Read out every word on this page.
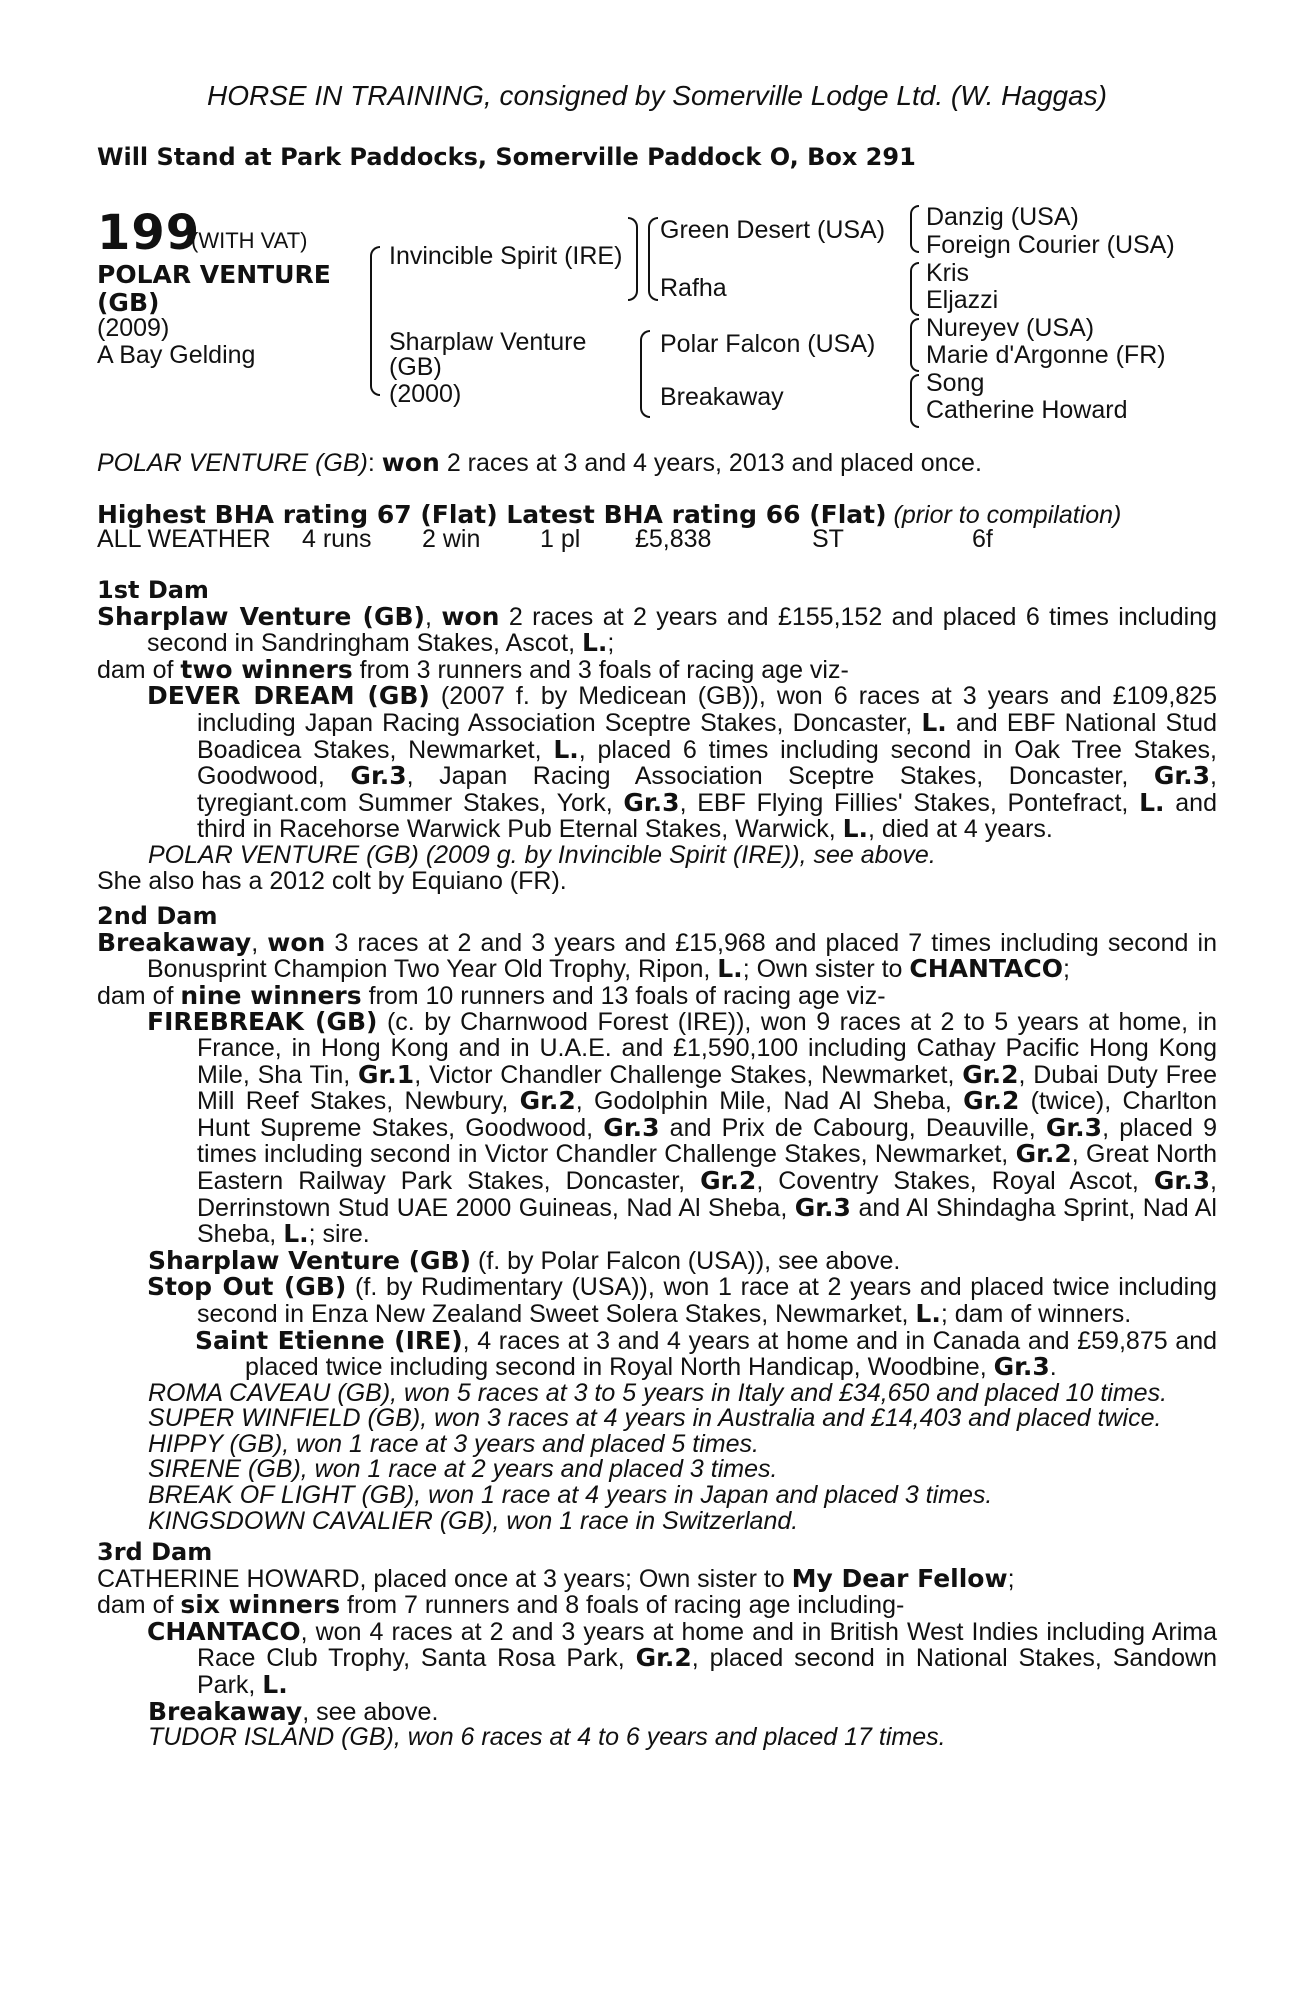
HORSE IN TRAINING, consigned by Somerville Lodge Ltd. (W. Haggas)
Will Stand at Park Paddocks, Somerville Paddock O, Box 291
199
(WITH VAT)
POLAR VENTURE
(GB)
(2009)
A Bay Gelding
Invincible Spirit (IRE)
Sharplaw Venture
(GB)
(2000)
Green Desert (USA)
Rafha
Polar Falcon (USA)
Breakaway
Danzig (USA)
Foreign Courier (USA)
Kris
Eljazzi
Nureyev (USA)
Marie d'Argonne (FR)
Song
Catherine Howard
POLAR VENTURE (GB): won 2 races at 3 and 4 years, 2013 and placed once.
Highest BHA rating 67 (Flat) Latest BHA rating 66 (Flat) (prior to compilation)
ALL WEATHER 4 runs 2 win 1 pl £5,838	ST	6f

1st Dam

Sharplaw Venture (GB), won 2 races at 2 years and £155,152 and placed 6 times including second in Sandringham Stakes, Ascot, L.;

dam of two winners from 3 runners and 3 foals of racing age viz-

DEVER DREAM (GB) (2007 f. by Medicean (GB)), won 6 races at 3 years and £109,825 including Japan Racing Association Sceptre Stakes, Doncaster, L. and EBF National Stud Boadicea Stakes, Newmarket, L., placed 6 times including second in Oak Tree Stakes, Goodwood, Gr.3, Japan Racing Association Sceptre Stakes, Doncaster, Gr.3, tyregiant.com Summer Stakes, York, Gr.3, EBF Flying Fillies' Stakes, Pontefract, L. and third in Racehorse Warwick Pub Eternal Stakes, Warwick, L., died at 4 years.

POLAR VENTURE (GB) (2009 g. by Invincible Spirit (IRE)), see above.

She also has a 2012 colt by Equiano (FR).

2nd Dam

Breakaway, won 3 races at 2 and 3 years and £15,968 and placed 7 times including second in Bonusprint Champion Two Year Old Trophy, Ripon, L.; Own sister to CHANTACO;

dam of nine winners from 10 runners and 13 foals of racing age viz-

FIREBREAK (GB) (c. by Charnwood Forest (IRE)), won 9 races at 2 to 5 years at home, in France, in Hong Kong and in U.A.E. and £1,590,100 including Cathay Pacific Hong Kong Mile, Sha Tin, Gr.1, Victor Chandler Challenge Stakes, Newmarket, Gr.2, Dubai Duty Free Mill Reef Stakes, Newbury, Gr.2, Godolphin Mile, Nad Al Sheba, Gr.2 (twice), Charlton Hunt Supreme Stakes, Goodwood, Gr.3 and Prix de Cabourg, Deauville, Gr.3, placed 9 times including second in Victor Chandler Challenge Stakes, Newmarket, Gr.2, Great North Eastern Railway Park Stakes, Doncaster, Gr.2, Coventry Stakes, Royal Ascot, Gr.3, Derrinstown Stud UAE 2000 Guineas, Nad Al Sheba, Gr.3 and Al Shindagha Sprint, Nad Al Sheba, L.; sire.

Sharplaw Venture (GB) (f. by Polar Falcon (USA)), see above.

Stop Out (GB) (f. by Rudimentary (USA)), won 1 race at 2 years and placed twice including second in Enza New Zealand Sweet Solera Stakes, Newmarket, L.; dam of winners.

Saint Etienne (IRE), 4 races at 3 and 4 years at home and in Canada and £59,875 and placed twice including second in Royal North Handicap, Woodbine, Gr.3.

ROMA CAVEAU (GB), won 5 races at 3 to 5 years in Italy and £34,650 and placed 10 times.

SUPER WINFIELD (GB), won 3 races at 4 years in Australia and £14,403 and placed twice.

HIPPY (GB), won 1 race at 3 years and placed 5 times.

SIRENE (GB), won 1 race at 2 years and placed 3 times.

BREAK OF LIGHT (GB), won 1 race at 4 years in Japan and placed 3 times.

KINGSDOWN CAVALIER (GB), won 1 race in Switzerland.

3rd Dam

CATHERINE HOWARD, placed once at 3 years; Own sister to My Dear Fellow;

dam of six winners from 7 runners and 8 foals of racing age including-

CHANTACO, won 4 races at 2 and 3 years at home and in British West Indies including Arima Race Club Trophy, Santa Rosa Park, Gr.2, placed second in National Stakes, Sandown Park, L.

Breakaway, see above.

TUDOR ISLAND (GB), won 6 races at 4 to 6 years and placed 17 times.
